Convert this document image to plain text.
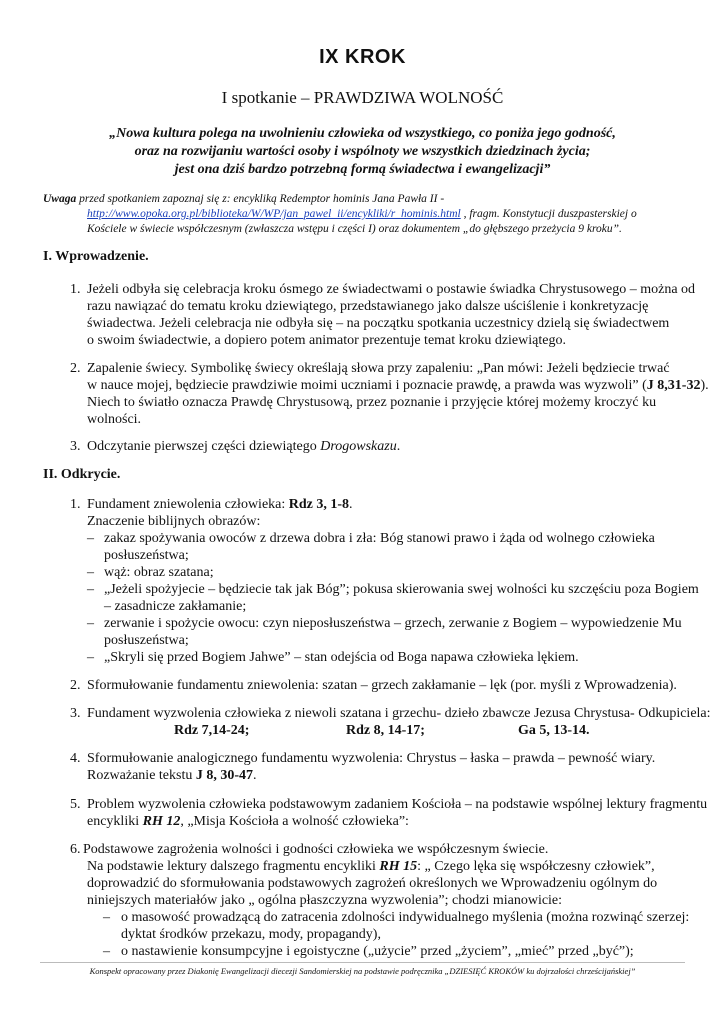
IX KROK
I spotkanie – PRAWDZIWA WOLNOŚĆ
„Nowa kultura polega na uwolnieniu człowieka od wszystkiego, co poniża jego godność,
oraz na rozwijaniu wartości osoby i wspólnoty we wszystkich dziedzinach życia;
jest ona dziś bardzo potrzebną formą świadectwa i ewangelizacji”
Uwaga przed spotkaniem zapoznaj się z: encykliką Redemptor hominis Jana Pawła II -
http://www.opoka.org.pl/biblioteka/W/WP/jan_pawel_ii/encykliki/r_hominis.html , fragm. Konstytucji duszpasterskiej o
Kościele w świecie współczesnym (zwłaszcza wstępu i części I) oraz dokumentem „do głębszego przeżycia 9 kroku”.
I. Wprowadzenie.
1. Jeżeli odbyła się celebracja kroku ósmego ze świadectwami o postawie świadka Chrystusowego – można od
razu nawiązać do tematu kroku dziewiątego, przedstawianego jako dalsze uściślenie i konkretyzację
świadectwa. Jeżeli celebracja nie odbyła się – na początku spotkania uczestnicy dzielą się świadectwem
o swoim świadectwie, a dopiero potem animator prezentuje temat kroku dziewiątego.
2. Zapalenie świecy. Symbolikę świecy określają słowa przy zapaleniu: „Pan mówi: Jeżeli będziecie trwać
w nauce mojej, będziecie prawdziwie moimi uczniami i poznacie prawdę, a prawda was wyzwoli” (J 8,31-32).
Niech to światło oznacza Prawdę Chrystusową, przez poznanie i przyjęcie której możemy kroczyć ku
wolności.
3. Odczytanie pierwszej części dziewiątego Drogowskazu.
II. Odkrycie.
1. Fundament zniewolenia człowieka: Rdz 3, 1-8.
Znaczenie biblijnych obrazów:
– zakaz spożywania owoców z drzewa dobra i zła: Bóg stanowi prawo i żąda od wolnego człowieka
posłuszeństwa;
– wąż: obraz szatana;
– „Jeżeli spożyjecie – będziecie tak jak Bóg”; pokusa skierowania swej wolności ku szczęściu poza Bogiem
– zasadnicze zakłamanie;
– zerwanie i spożycie owocu: czyn nieposłuszeństwa – grzech, zerwanie z Bogiem – wypowiedzenie Mu
posłuszeństwa;
– „Skryli się przed Bogiem Jahwe” – stan odejścia od Boga napawa człowieka lękiem.
2. Sformułowanie fundamentu zniewolenia: szatan – grzech zakłamanie – lęk (por. myśli z Wprowadzenia).
3. Fundament wyzwolenia człowieka z niewoli szatana i grzechu- dzieło zbawcze Jezusa Chrystusa- Odkupiciela:
Rdz 7,14-24;	Rdz 8, 14-17;	Ga 5, 13-14.
4. Sformułowanie analogicznego fundamentu wyzwolenia: Chrystus – łaska – prawda – pewność wiary.
Rozważanie tekstu J 8, 30-47.
5. Problem wyzwolenia człowieka podstawowym zadaniem Kościoła – na podstawie wspólnej lektury fragmentu
encykliki RH 12, „Misja Kościoła a wolność człowieka”:
6. Podstawowe zagrożenia wolności i godności człowieka we współczesnym świecie.
Na podstawie lektury dalszego fragmentu encykliki RH 15: „ Czego lęka się współczesny człowiek”,
doprowadzić do sformułowania podstawowych zagrożeń określonych we Wprowadzeniu ogólnym do
niniejszych materiałów jako „ ogólna płaszczyzna wyzwolenia”; chodzi mianowicie:
– o masowość prowadzącą do zatracenia zdolności indywidualnego myślenia (można rozwinąć szerzej:
dyktat środków przekazu, mody, propagandy),
– o nastawienie konsumpcyjne i egoistyczne („użycie” przed „życiem”, „mieć” przed „być”);
Konspekt opracowany przez Diakonię Ewangelizacji diecezji Sandomierskiej na podstawie podręcznika „DZIESIĘĆ KROKÓW ku dojrzałości chrześcijańskiej”
